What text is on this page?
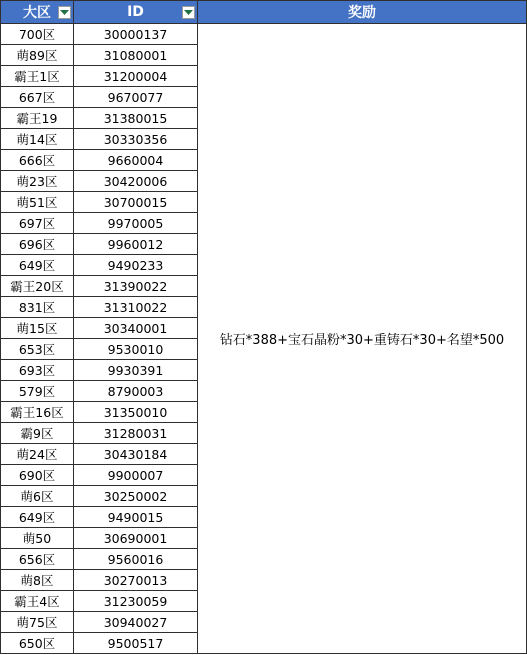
大区	ID	奖励
700区	30000137	钻石*388+宝石晶粉*30+重铸石*30+名望*500
萌89区	31080001	
霸王1区	31200004	
667区	9670077	
霸王19	31380015	
萌14区	30330356	
666区	9660004	
萌23区	30420006	
萌51区	30700015	
697区	9970005	
696区	9960012	
649区	9490233	
霸王20区	31390022	
831区	31310022	
萌15区	30340001	
653区	9530010	
693区	9930391	
579区	8790003	
霸王16区	31350010	
霸9区	31280031	
萌24区	30430184	
690区	9900007	
萌6区	30250002	
649区	9490015	
萌50	30690001	
656区	9560016	
萌8区	30270013	
霸王4区	31230059	
萌75区	30940027	
650区	9500517	
